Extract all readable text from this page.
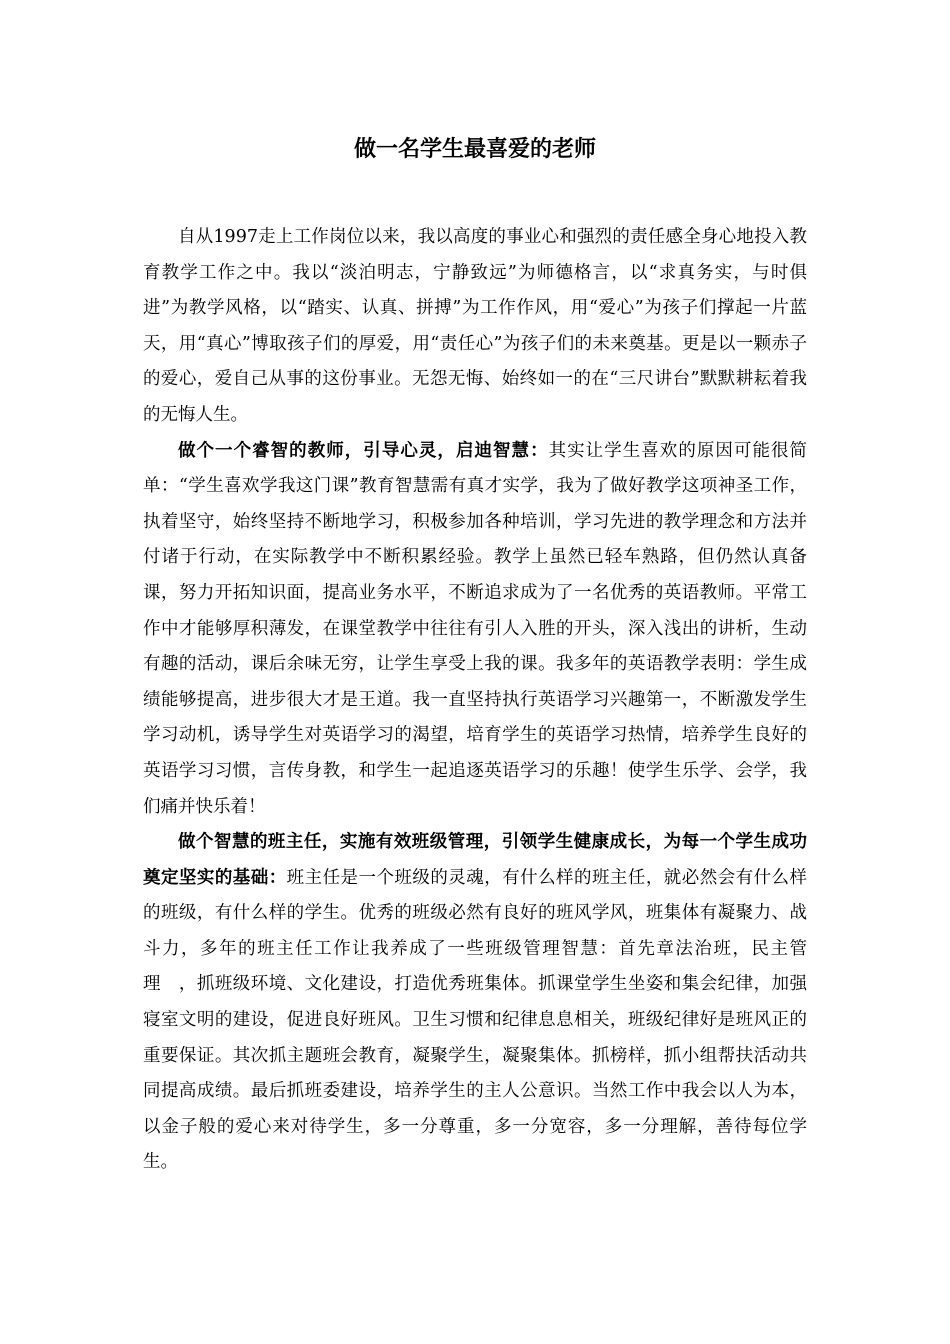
做一名学生最喜爱的老师

自从1997走上工作岗位以来，我以高度的事业心和强烈的责任感全身心地投入教育教学工作之中。我以“淡泊明志，宁静致远”为师德格言，以“求真务实，与时俱进”为教学风格，以“踏实、认真、拼搏”为工作作风，用“爱心”为孩子们撑起一片蓝天，用“真心”博取孩子们的厚爱，用“责任心”为孩子们的未来奠基。更是以一颗赤子的爱心，爱自己从事的这份事业。无怨无悔、始终如一的在“三尺讲台”默默耕耘着我的无悔人生。

做个一个睿智的教师，引导心灵，启迪智慧：其实让学生喜欢的原因可能很简单：“学生喜欢学我这门课”教育智慧需有真才实学，我为了做好教学这项神圣工作，执着坚守，始终坚持不断地学习，积极参加各种培训，学习先进的教学理念和方法并付诸于行动，在实际教学中不断积累经验。教学上虽然已轻车熟路，但仍然认真备课，努力开拓知识面，提高业务水平，不断追求成为了一名优秀的英语教师。平常工作中才能够厚积薄发，在课堂教学中往往有引人入胜的开头，深入浅出的讲析，生动有趣的活动，课后余味无穷，让学生享受上我的课。我多年的英语教学表明：学生成绩能够提高，进步很大才是王道。我一直坚持执行英语学习兴趣第一，不断激发学生学习动机，诱导学生对英语学习的渴望，培育学生的英语学习热情，培养学生良好的英语学习习惯，言传身教，和学生一起追逐英语学习的乐趣！使学生乐学、会学，我们痛并快乐着！

做个智慧的班主任，实施有效班级管理，引领学生健康成长，为每一个学生成功奠定坚实的基础：班主任是一个班级的灵魂，有什么样的班主任，就必然会有什么样的班级，有什么样的学生。优秀的班级必然有良好的班风学风，班集体有凝聚力、战斗力，多年的班主任工作让我养成了一些班级管理智慧：首先章法治班，民主管理　，抓班级环境、文化建设，打造优秀班集体。抓课堂学生坐姿和集会纪律，加强寝室文明的建设，促进良好班风。卫生习惯和纪律息息相关，班级纪律好是班风正的重要保证。其次抓主题班会教育，凝聚学生，凝聚集体。抓榜样，抓小组帮扶活动共同提高成绩。最后抓班委建设，培养学生的主人公意识。当然工作中我会以人为本，以金子般的爱心来对待学生，多一分尊重，多一分宽容，多一分理解，善待每位学生。
